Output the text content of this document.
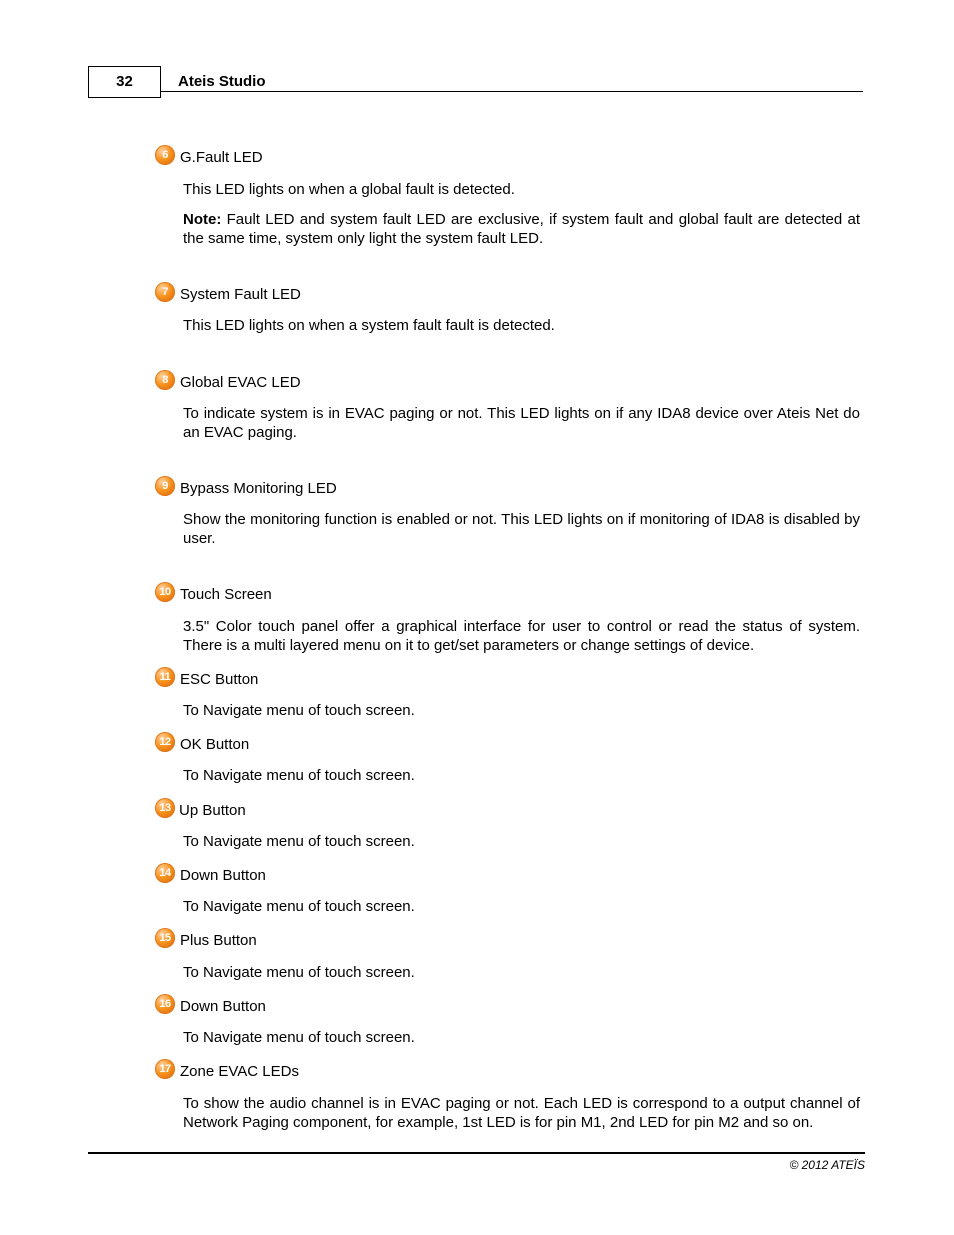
32	Ateis Studio
6 G.Fault LED

This LED lights on when a global fault is detected.

Note: Fault LED and system fault LED are exclusive, if system fault and global fault are detected at the same time, system only light the system fault LED.

7 System Fault LED

This LED lights on when a system fault fault is detected.

8 Global EVAC LED

To indicate system is in EVAC paging or not. This LED lights on if any IDA8 device over Ateis Net do an EVAC paging.

9 Bypass Monitoring LED

Show the monitoring function is enabled or not. This LED lights on if monitoring of IDA8 is disabled by user.

10 Touch Screen

3.5" Color touch panel offer a graphical interface for user to control or read the status of system. There is a multi layered menu on it to get/set parameters or change settings of device.

11 ESC Button

To Navigate menu of touch screen.

12 OK Button

To Navigate menu of touch screen.

13 Up Button

To Navigate menu of touch screen.

14 Down Button

To Navigate menu of touch screen.

15 Plus Button

To Navigate menu of touch screen.

16 Down Button

To Navigate menu of touch screen.

17 Zone EVAC LEDs

To show the audio channel is in EVAC paging or not. Each LED is correspond to a output channel of Network Paging component, for example, 1st LED is for pin M1, 2nd LED for pin M2 and so on.

© 2012 ATEÏS
